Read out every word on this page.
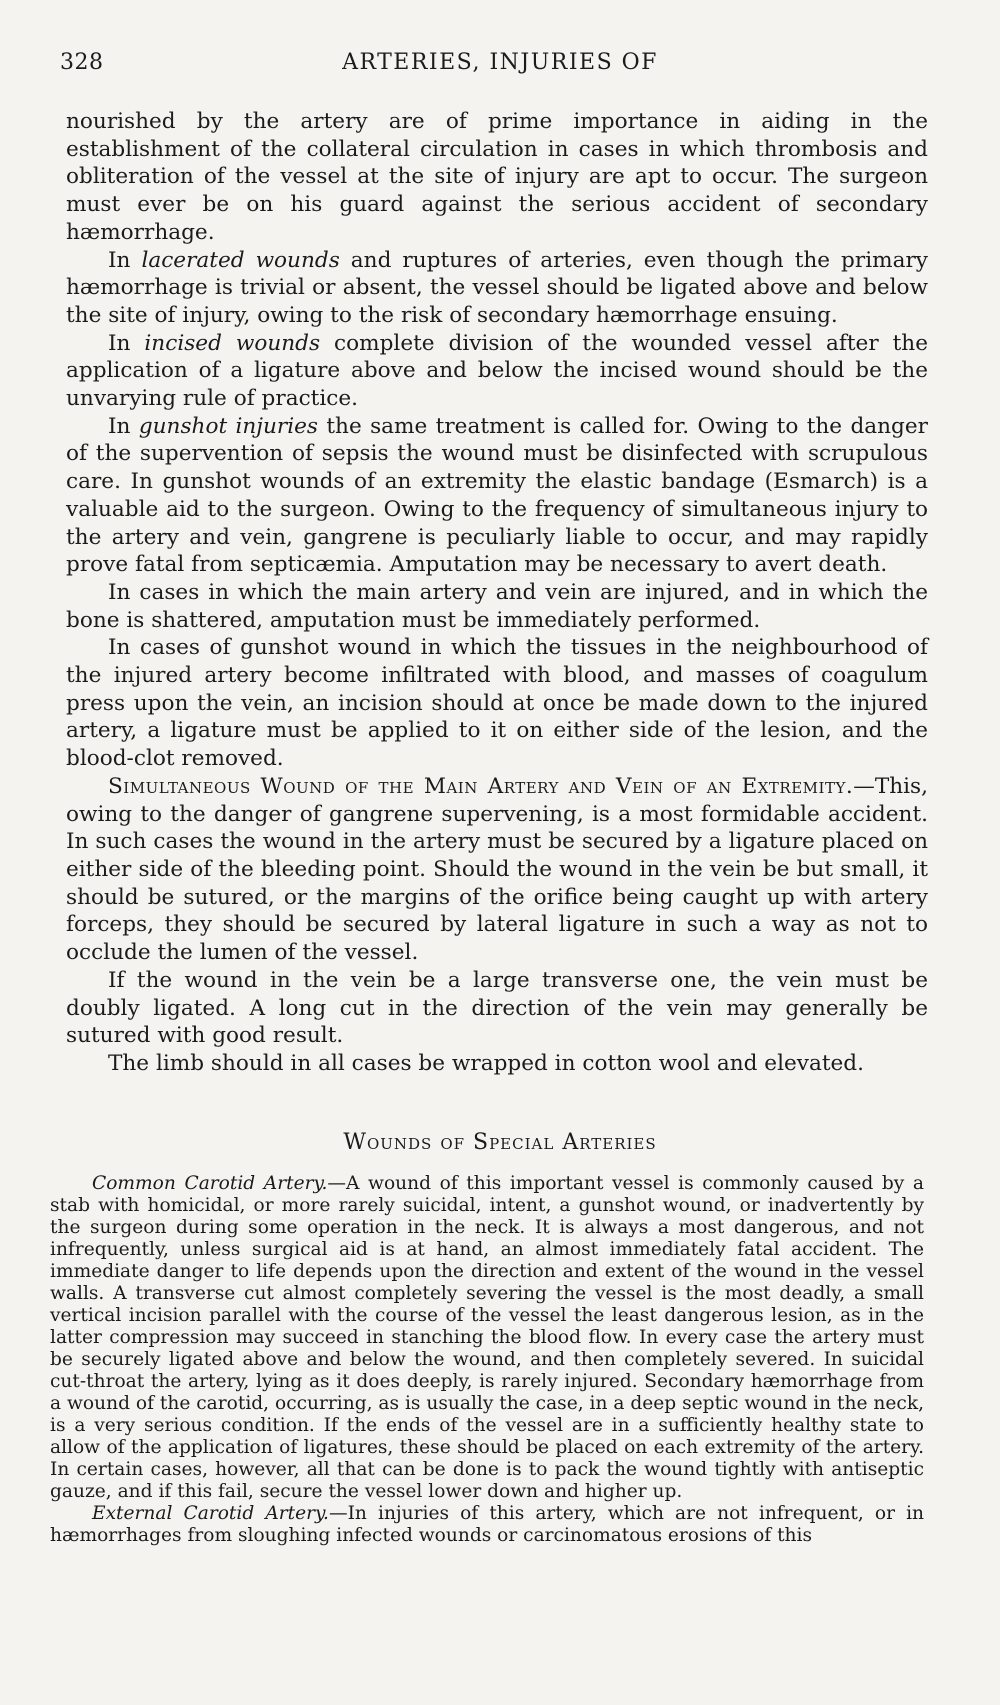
328	ARTERIES, INJURIES OF

nourished by the artery are of prime importance in aiding in the establishment of the collateral circulation in cases in which thrombosis and obliteration of the vessel at the site of injury are apt to occur. The surgeon must ever be on his guard against the serious accident of secondary hæmorrhage.

In lacerated wounds and ruptures of arteries, even though the primary hæmorrhage is trivial or absent, the vessel should be ligated above and below the site of injury, owing to the risk of secondary hæmorrhage ensuing.

In incised wounds complete division of the wounded vessel after the application of a ligature above and below the incised wound should be the unvarying rule of practice.

In gunshot injuries the same treatment is called for. Owing to the danger of the supervention of sepsis the wound must be disinfected with scrupulous care. In gunshot wounds of an extremity the elastic bandage (Esmarch) is a valuable aid to the surgeon. Owing to the frequency of simultaneous injury to the artery and vein, gangrene is peculiarly liable to occur, and may rapidly prove fatal from septicæmia. Amputation may be necessary to avert death.

In cases in which the main artery and vein are injured, and in which the bone is shattered, amputation must be immediately performed.

In cases of gunshot wound in which the tissues in the neighbourhood of the injured artery become infiltrated with blood, and masses of coagulum press upon the vein, an incision should at once be made down to the injured artery, a ligature must be applied to it on either side of the lesion, and the blood-clot removed.

Simultaneous Wound of the Main Artery and Vein of an Extremity.—This, owing to the danger of gangrene supervening, is a most formidable accident. In such cases the wound in the artery must be secured by a ligature placed on either side of the bleeding point. Should the wound in the vein be but small, it should be sutured, or the margins of the orifice being caught up with artery forceps, they should be secured by lateral ligature in such a way as not to occlude the lumen of the vessel.

If the wound in the vein be a large transverse one, the vein must be doubly ligated. A long cut in the direction of the vein may generally be sutured with good result.

The limb should in all cases be wrapped in cotton wool and elevated.

Wounds of Special Arteries

Common Carotid Artery.—A wound of this important vessel is commonly caused by a stab with homicidal, or more rarely suicidal, intent, a gunshot wound, or inadvertently by the surgeon during some operation in the neck. It is always a most dangerous, and not infrequently, unless surgical aid is at hand, an almost immediately fatal accident. The immediate danger to life depends upon the direction and extent of the wound in the vessel walls. A transverse cut almost completely severing the vessel is the most deadly, a small vertical incision parallel with the course of the vessel the least dangerous lesion, as in the latter compression may succeed in stanching the blood flow. In every case the artery must be securely ligated above and below the wound, and then completely severed. In suicidal cut-throat the artery, lying as it does deeply, is rarely injured. Secondary hæmorrhage from a wound of the carotid, occurring, as is usually the case, in a deep septic wound in the neck, is a very serious condition. If the ends of the vessel are in a sufficiently healthy state to allow of the application of ligatures, these should be placed on each extremity of the artery. In certain cases, however, all that can be done is to pack the wound tightly with antiseptic gauze, and if this fail, secure the vessel lower down and higher up.

External Carotid Artery.—In injuries of this artery, which are not infrequent, or in hæmorrhages from sloughing infected wounds or carcinomatous erosions of this
